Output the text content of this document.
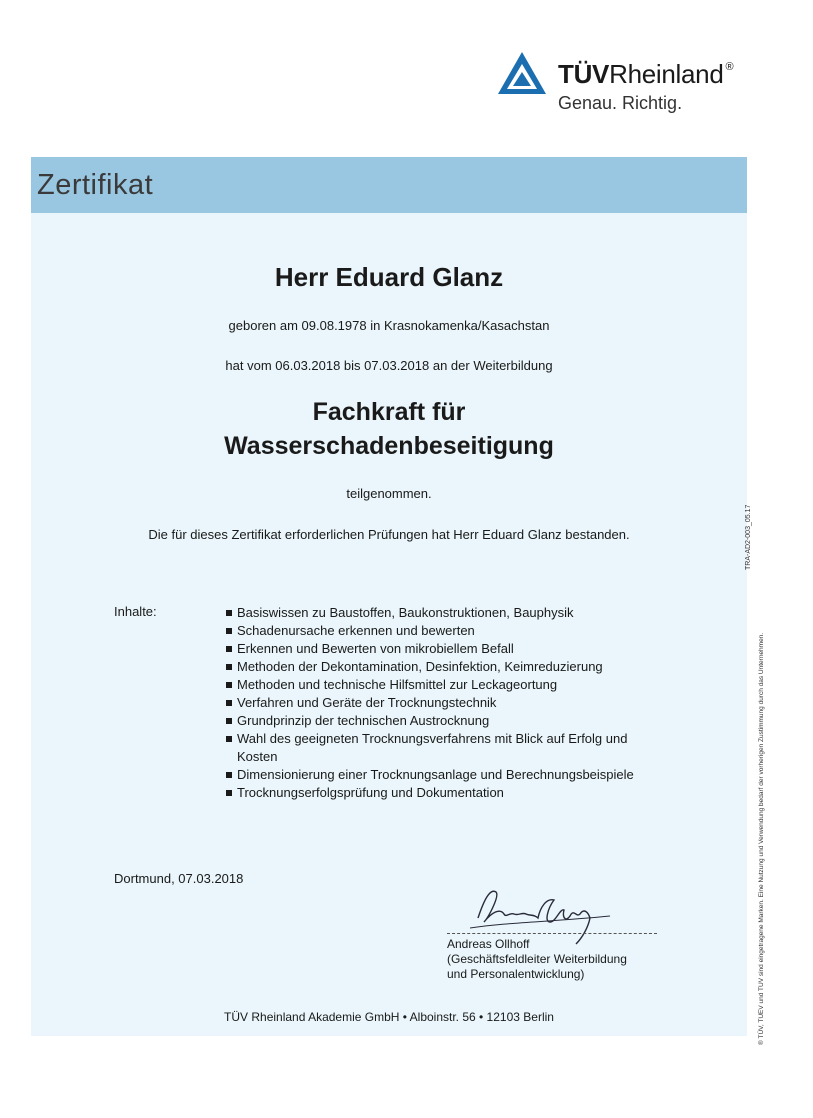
TÜVRheinland ®
Genau. Richtig.
Zertifikat
Herr Eduard Glanz
geboren am 09.08.1978 in Krasnokamenka/Kasachstan
hat vom 06.03.2018 bis 07.03.2018 an der Weiterbildung
Fachkraft für
Wasserschadenbeseitigung
teilgenommen.
Die für dieses Zertifikat erforderlichen Prüfungen hat Herr Eduard Glanz bestanden.
Inhalte:	Basiswissen zu Baustoffen, Baukonstruktionen, Bauphysik
Schadenursache erkennen und bewerten
Erkennen und Bewerten von mikrobiellem Befall
Methoden der Dekontamination, Desinfektion, Keimreduzierung
Methoden und technische Hilfsmittel zur Leckageortung
Verfahren und Geräte der Trocknungstechnik
Grundprinzip der technischen Austrocknung
Wahl des geeigneten Trocknungsverfahrens mit Blick auf Erfolg und Kosten
Dimensionierung einer Trocknungsanlage und Berechnungsbeispiele
Trocknungserfolgsprüfung und Dokumentation
Dortmund, 07.03.2018
Andreas Ollhoff
(Geschäftsfeldleiter Weiterbildung
und Personalentwicklung)
TÜV Rheinland Akademie GmbH • Alboinstr. 56 • 12103 Berlin
TRA-AD2-003_05.17
® TÜV, TUEV und TUV sind eingetragene Marken. Eine Nutzung und Verwendung bedarf der vorherigen Zustimmung durch das Unternehmen.
